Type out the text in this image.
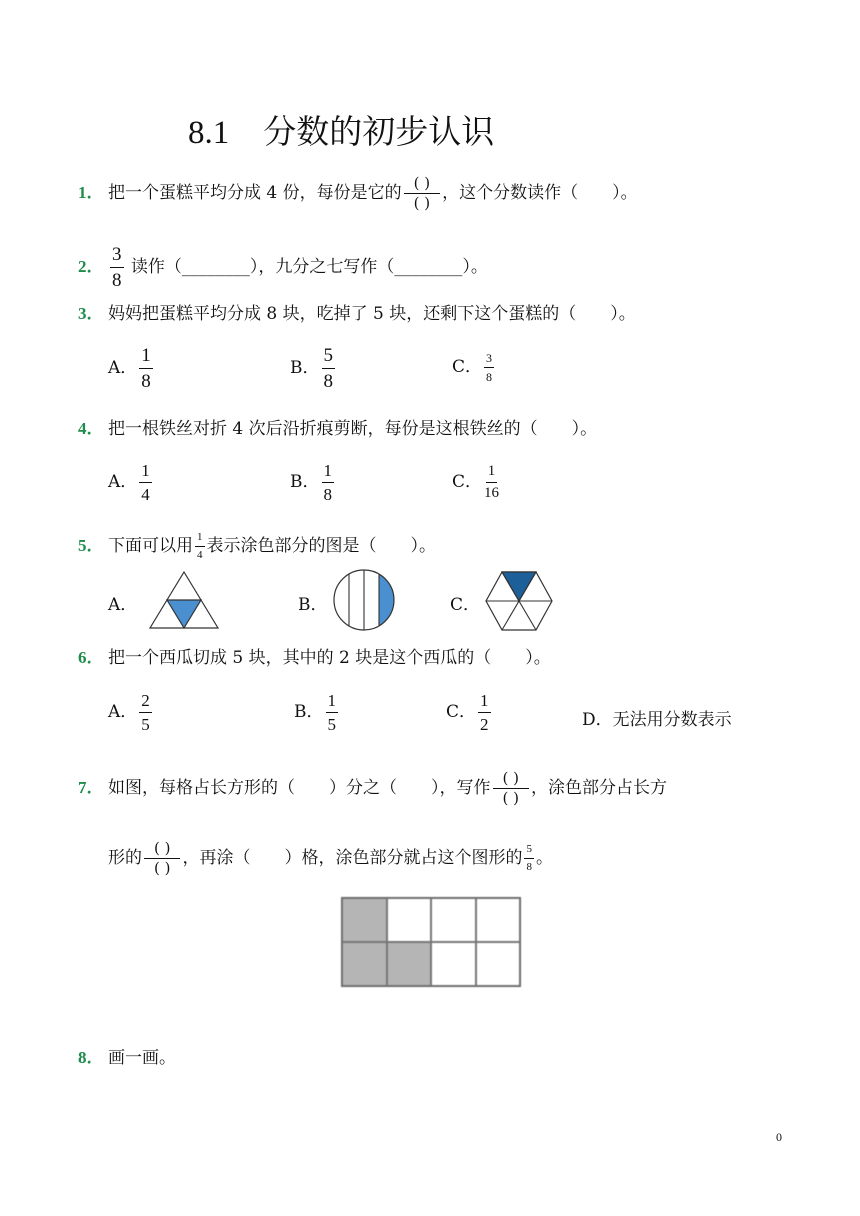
8.1 分数的初步认识
1． 把一个蛋糕平均分成 4 份，每份是它的 ( )
( ) ，这个分数读作（　　）。
2． $\frac{3}{8}$ 读作（________），九分之七写作（________）。
3． 妈妈把蛋糕平均分成 8 块，吃掉了 5 块，还剩下这个蛋糕的（　　）。
A． $\frac{1}{8}$	B． $\frac{5}{8}$	C． $\frac{3}{8}$
4． 把一根铁丝对折 4 次后沿折痕剪断，每份是这根铁丝的（　　）。
A． $\frac{1}{4}$	B． $\frac{1}{8}$	C． $\frac{1}{16}$
5． 下面可以用 $\frac{1}{4}$ 表示涂色部分的图是（　　）。
A．	B．	C．
6． 把一个西瓜切成 5 块，其中的 2 块是这个西瓜的（　　）。
A． $\frac{2}{5}$	B． $\frac{1}{5}$	C． $\frac{1}{2}$	D．无法用分数表示
7． 如图，每格占长方形的（　　）分之（　　），写作 ( )
( ) ，涂色部分占长方
形的 ( )
( ) ，再涂（　　）格，涂色部分就占这个图形的 $\frac{5}{8}$ 。
8． 画一画。
0
